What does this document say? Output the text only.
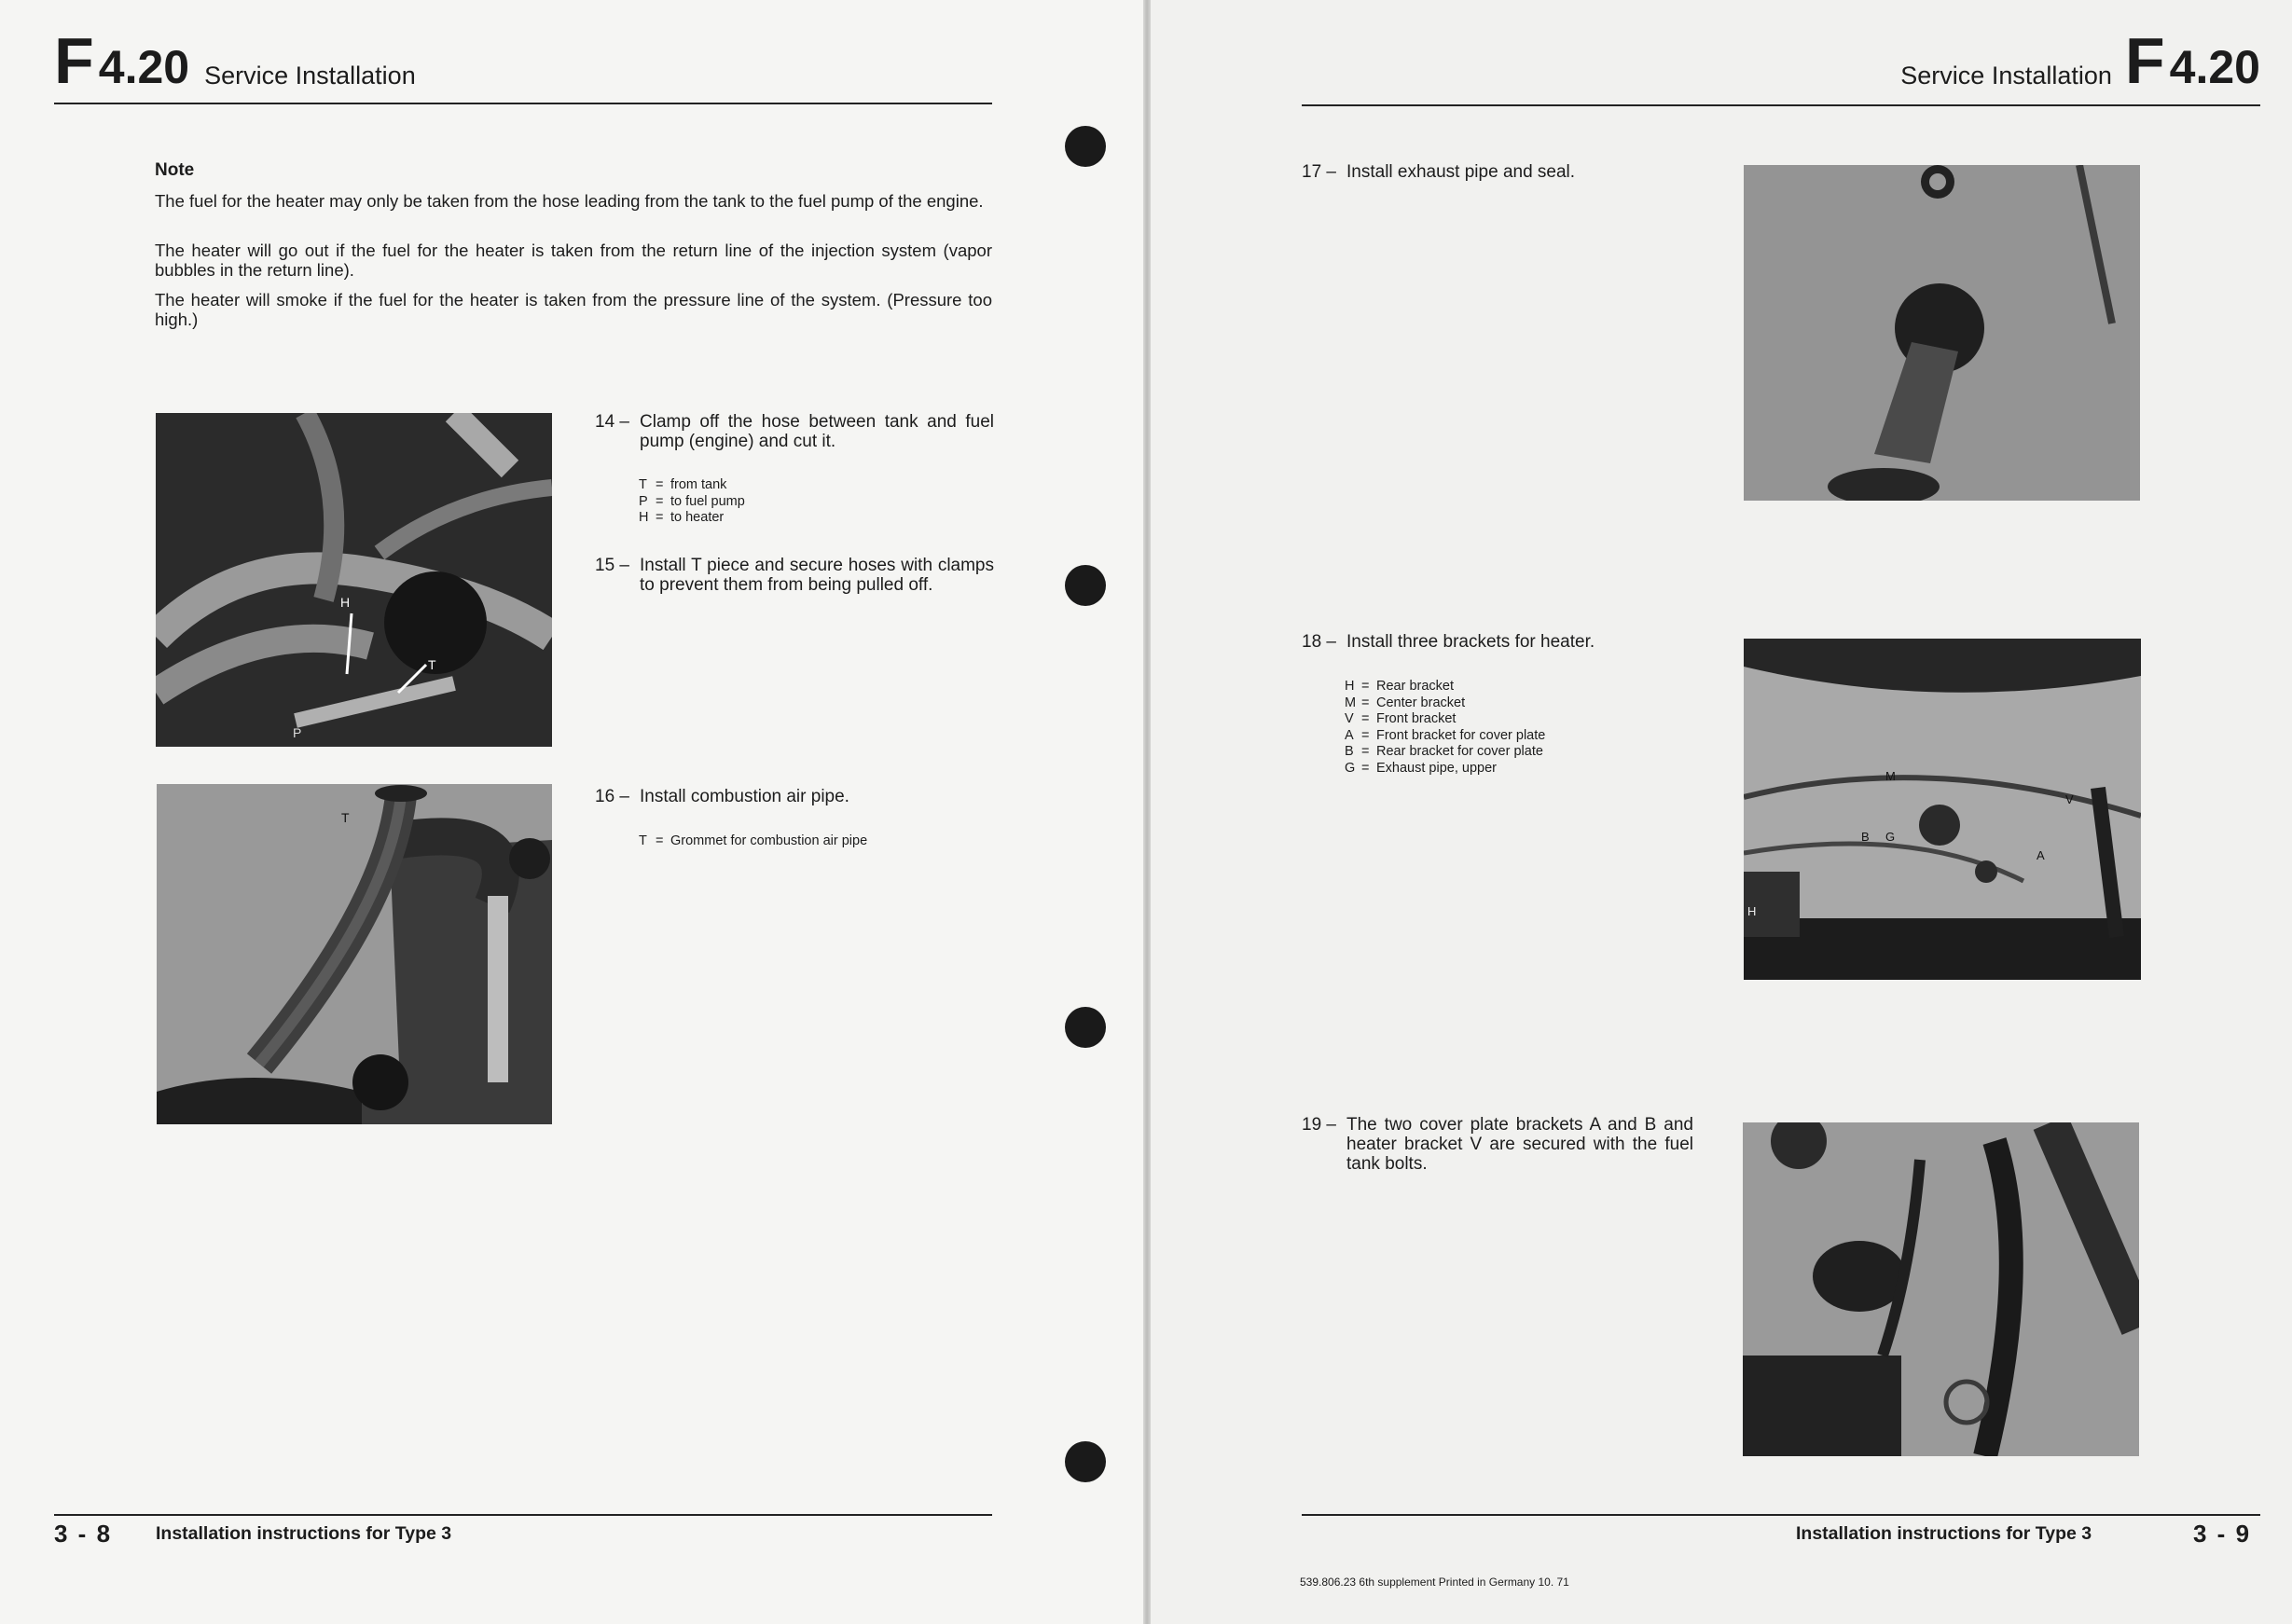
F 4.20 Service Installation
Note
The fuel for the heater may only be taken from the hose leading from the tank to the fuel pump of the engine.
The heater will go out if the fuel for the heater is taken from the return line of the injection system (vapor bubbles in the return line).
The heater will smoke if the fuel for the heater is taken from the pressure line of the system. (Pressure too high.)
H
T
P
14 – Clamp off the hose between tank and fuel pump (engine) and cut it.
T = from tank
P = to fuel pump
H = to heater
15 – Install T piece and secure hoses with clamps to prevent them from being pulled off.
T
16 – Install combustion air pipe.
T = Grommet for combustion air pipe
3 - 8 Installation instructions for Type 3
Service Installation F 4.20
17 – Install exhaust pipe and seal.
18 – Install three brackets for heater.
H = Rear bracket
M = Center bracket
V = Front bracket
A = Front bracket for cover plate
B = Rear bracket for cover plate
G = Exhaust pipe, upper
M
B G
V
A
H
19 – The two cover plate brackets A and B and heater bracket V are secured with the fuel tank bolts.
Installation instructions for Type 3	3 - 9
539.806.23 6th supplement Printed in Germany 10. 71
